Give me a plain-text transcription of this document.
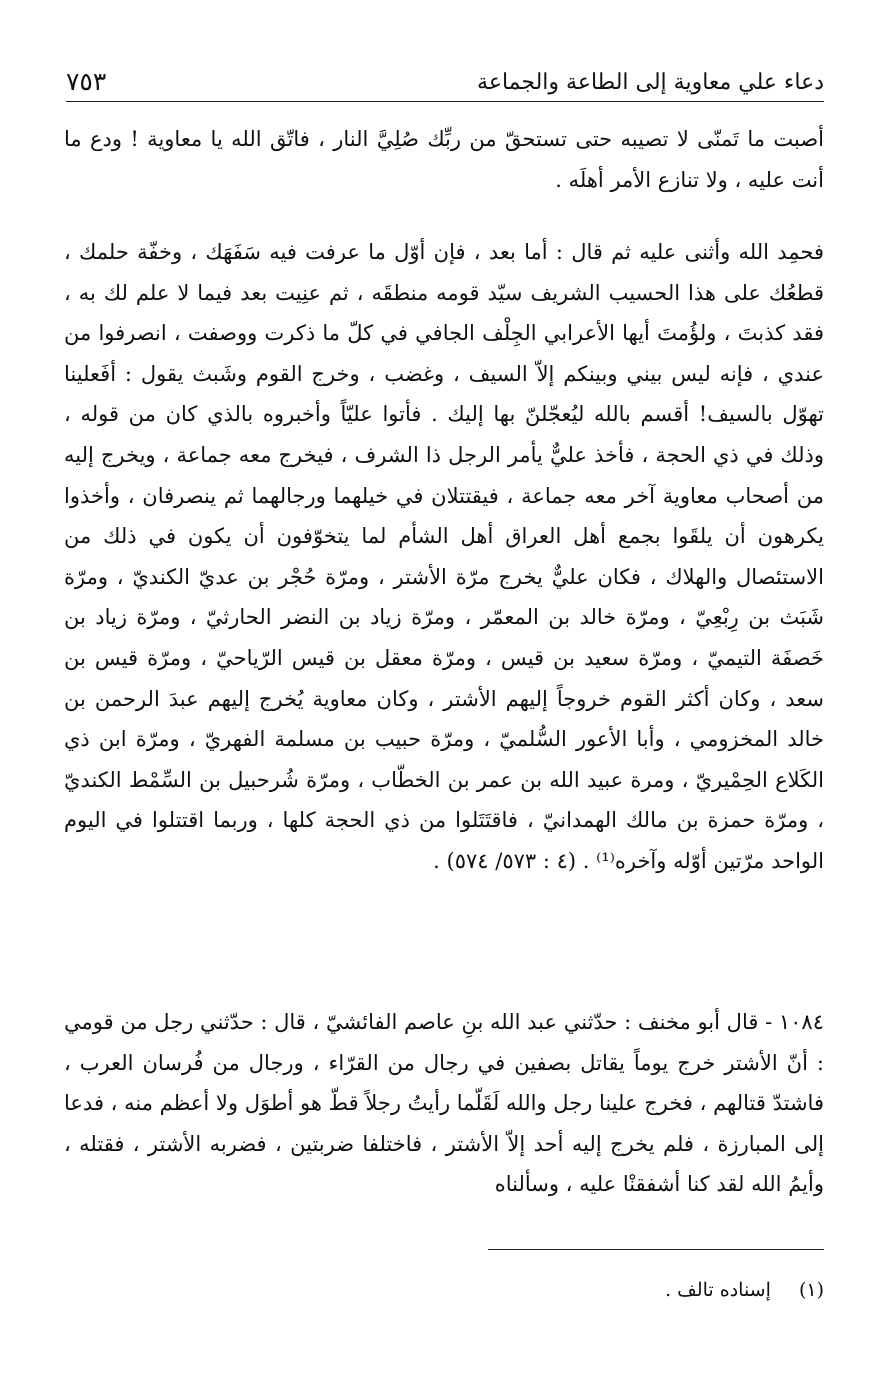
٧٥٣	دعاء علي معاوية إلى الطاعة والجماعة

أصبت ما تَمنّى لا تصيبه حتى تستحقّ من ربِّك صُلِيَّ النار ، فاتّق الله يا معاوية ! ودع ما أنت عليه ، ولا تنازع الأمر أهلَه .

فحمِد الله وأثنى عليه ثم قال : أما بعد ، فإن أوّل ما عرفت فيه سَفَهَك ، وخفّة حلمك ، قطعُك على هذا الحسيب الشريف سيّد قومه منطقَه ، ثم عنِيت بعد فيما لا علم لك به ، فقد كذبتَ ، ولؤُمتَ أيها الأعرابي الجِلْف الجافي في كلّ ما ذكرت ووصفت ، انصرفوا من عندي ، فإنه ليس بيني وبينكم إلاّ السيف ، وغضب ، وخرج القوم وشَبث يقول : أفَعلينا تهوّل بالسيف! أقسم بالله ليُعجّلنّ بها إليك . فأتوا عليّاً وأخبروه بالذي كان من قوله ، وذلك في ذي الحجة ، فأخذ عليٌّ يأمر الرجل ذا الشرف ، فيخرج معه جماعة ، ويخرج إليه من أصحاب معاوية آخر معه جماعة ، فيقتتلان في خيلهما ورجالهما ثم ينصرفان ، وأخذوا يكرهون أن يلقَوا بجمع أهل العراق أهل الشأم لما يتخوّفون أن يكون في ذلك من الاستئصال والهلاك ، فكان عليٌّ يخرج مرّة الأشتر ، ومرّة حُجْر بن عديّ الكنديّ ، ومرّة شَبَث بن رِبْعِيّ ، ومرّة خالد بن المعمّر ، ومرّة زياد بن النضر الحارثيّ ، ومرّة زياد بن خَصفَة التيميّ ، ومرّة سعيد بن قيس ، ومرّة معقل بن قيس الرّياحيّ ، ومرّة قيس بن سعد ، وكان أكثر القوم خروجاً إليهم الأشتر ، وكان معاوية يُخرج إليهم عبدَ الرحمن بن خالد المخزومي ، وأبا الأعور السُّلميّ ، ومرّة حبيب بن مسلمة الفهريّ ، ومرّة ابن ذي الكَلاع الحِمْيريّ ، ومرة عبيد الله بن عمر بن الخطّاب ، ومرّة شُرحبيل بن السِّمْط الكنديّ ، ومرّة حمزة بن مالك الهمدانيّ ، فاقتَتَلوا من ذي الحجة كلها ، وربما اقتتلوا في اليوم الواحد مرّتين أوّله وآخره⁽¹⁾ . (٤ : ٥٧٣/ ٥٧٤) .

١٠٨٤ - قال أبو مخنف : حدّثني عبد الله بنِ عاصم الفائشيّ ، قال : حدّثني رجل من قومي : أنّ الأشتر خرج يوماً يقاتل بصفين في رجال من القرّاء ، ورجال من فُرسان العرب ، فاشتدّ قتالهم ، فخرج علينا رجل والله لَقَلّما رأيتُ رجلاً قطّ هو أطوَل ولا أعظم منه ، فدعا إلى المبارزة ، فلم يخرج إليه أحد إلاّ الأشتر ، فاختلفا ضربتين ، فضربه الأشتر ، فقتله ، وأيمُ الله لقد كنا أشفقنْا عليه ، وسألناه

(١) إسناده تالف .
